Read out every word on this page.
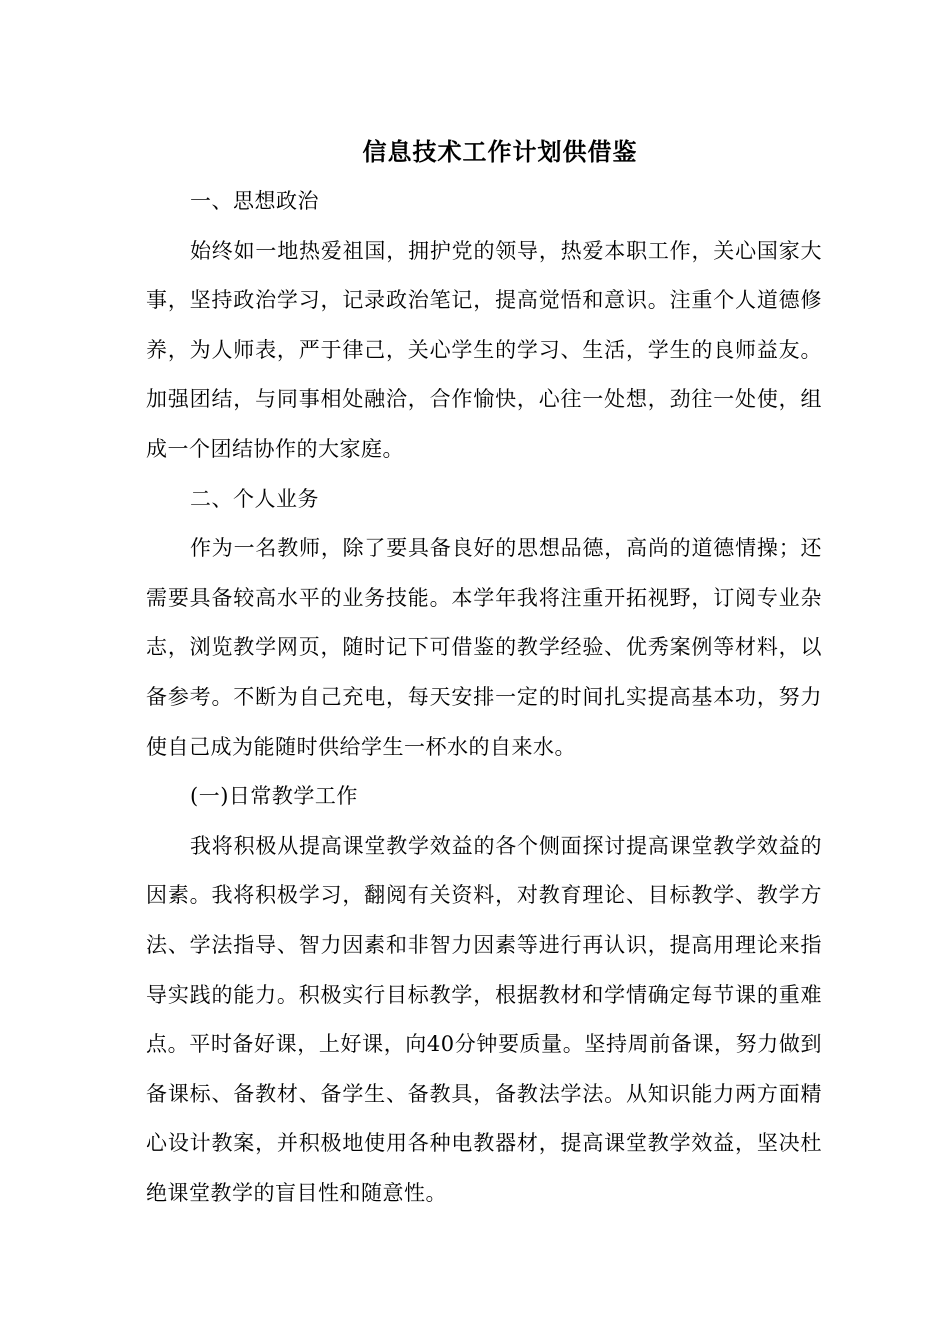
信息技术工作计划供借鉴

一、思想政治

始终如一地热爱祖国，拥护党的领导，热爱本职工作，关心国家大事，坚持政治学习，记录政治笔记，提高觉悟和意识。注重个人道德修养，为人师表，严于律己，关心学生的学习、生活，学生的良师益友。加强团结，与同事相处融洽，合作愉快，心往一处想，劲往一处使，组成一个团结协作的大家庭。

二、个人业务

作为一名教师，除了要具备良好的思想品德，高尚的道德情操；还需要具备较高水平的业务技能。本学年我将注重开拓视野，订阅专业杂志，浏览教学网页，随时记下可借鉴的教学经验、优秀案例等材料，以备参考。不断为自己充电，每天安排一定的时间扎实提高基本功，努力使自己成为能随时供给学生一杯水的自来水。

(一)日常教学工作

我将积极从提高课堂教学效益的各个侧面探讨提高课堂教学效益的因素。我将积极学习，翻阅有关资料，对教育理论、目标教学、教学方法、学法指导、智力因素和非智力因素等进行再认识，提高用理论来指导实践的能力。积极实行目标教学，根据教材和学情确定每节课的重难点。平时备好课，上好课，向40分钟要质量。坚持周前备课，努力做到备课标、备教材、备学生、备教具，备教法学法。从知识能力两方面精心设计教案，并积极地使用各种电教器材，提高课堂教学效益，坚决杜绝课堂教学的盲目性和随意性。
